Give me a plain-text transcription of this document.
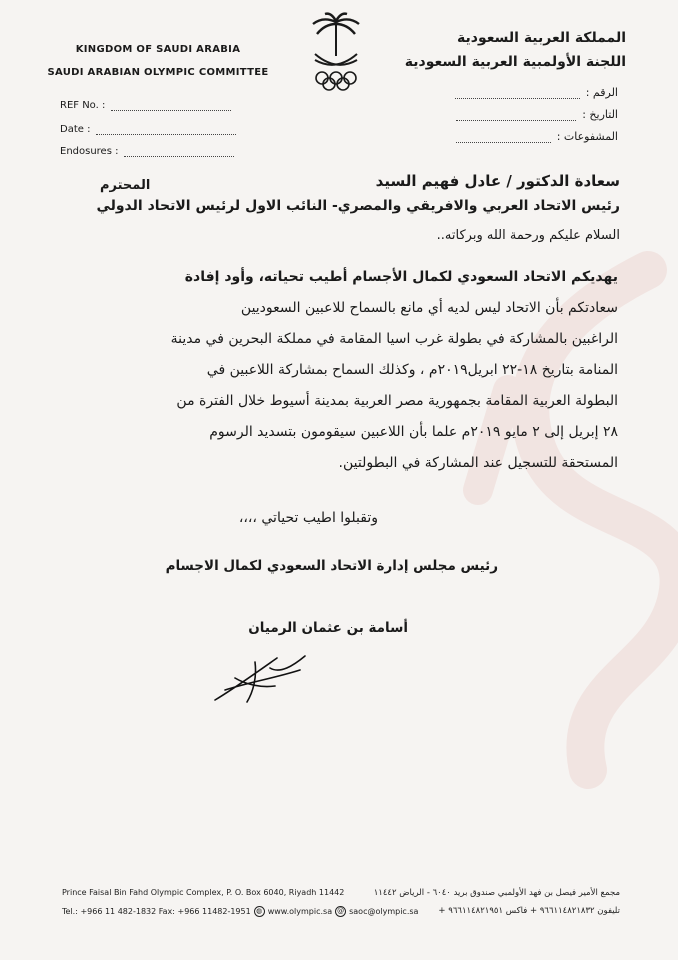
KINGDOM OF SAUDI ARABIA
SAUDI ARABIAN OLYMPIC COMMITTEE
المملكة العربية السعودية
اللجنة الأولمبية العربية السعودية
REF No. :
Date :
Endosures :
الرقم :
التاريخ :
المشفوعات :
سعادة الدكتور / عادل فهيم السيد
رئيس الاتحاد العربي والافريقي والمصري- النائب الاول لرئيس الاتحاد الدولي
المحترم
السلام عليكم ورحمة الله وبركاته..
يهديكم الاتحاد السعودي لكمال الأجسام أطيب تحياته، وأود إفادة
سعادتكم بأن الاتحاد ليس لديه أي مانع بالسماح للاعبين السعوديين
الراغبين بالمشاركة في بطولة غرب اسيا المقامة في مملكة البحرين في مدينة
المنامة بتاريخ ١٨-٢٢ ابريل٢٠١٩م ، وكذلك السماح بمشاركة اللاعبين في
البطولة العربية المقامة بجمهورية مصر العربية بمدينة أسيوط خلال الفترة من
٢٨ إبريل إلى ٢ مايو ٢٠١٩م علما بأن اللاعبين سيقومون بتسديد الرسوم
المستحقة للتسجيل عند المشاركة في البطولتين.
وتقبلوا اطيب تحياتي ،،،،
رئيس مجلس إدارة الاتحاد السعودي لكمال الاجسام
أسامة بن عثمان الرميان
Prince Faisal Bin Fahd Olympic Complex, P. O. Box 6040, Riyadh 11442	مجمع الأمير فيصل بن فهد الأولمبي صندوق بريد ٦٠٤٠ - الرياض ١١٤٤٢
Tel.: +966 11 482-1832 Fax: +966 11482-1951 ◍ www.olympic.sa @ saoc@olympic.sa تليفون ٩٦٦١١٤٨٢١٨٣٢ + فاكس ٩٦٦١١٤٨٢١٩٥١ +
